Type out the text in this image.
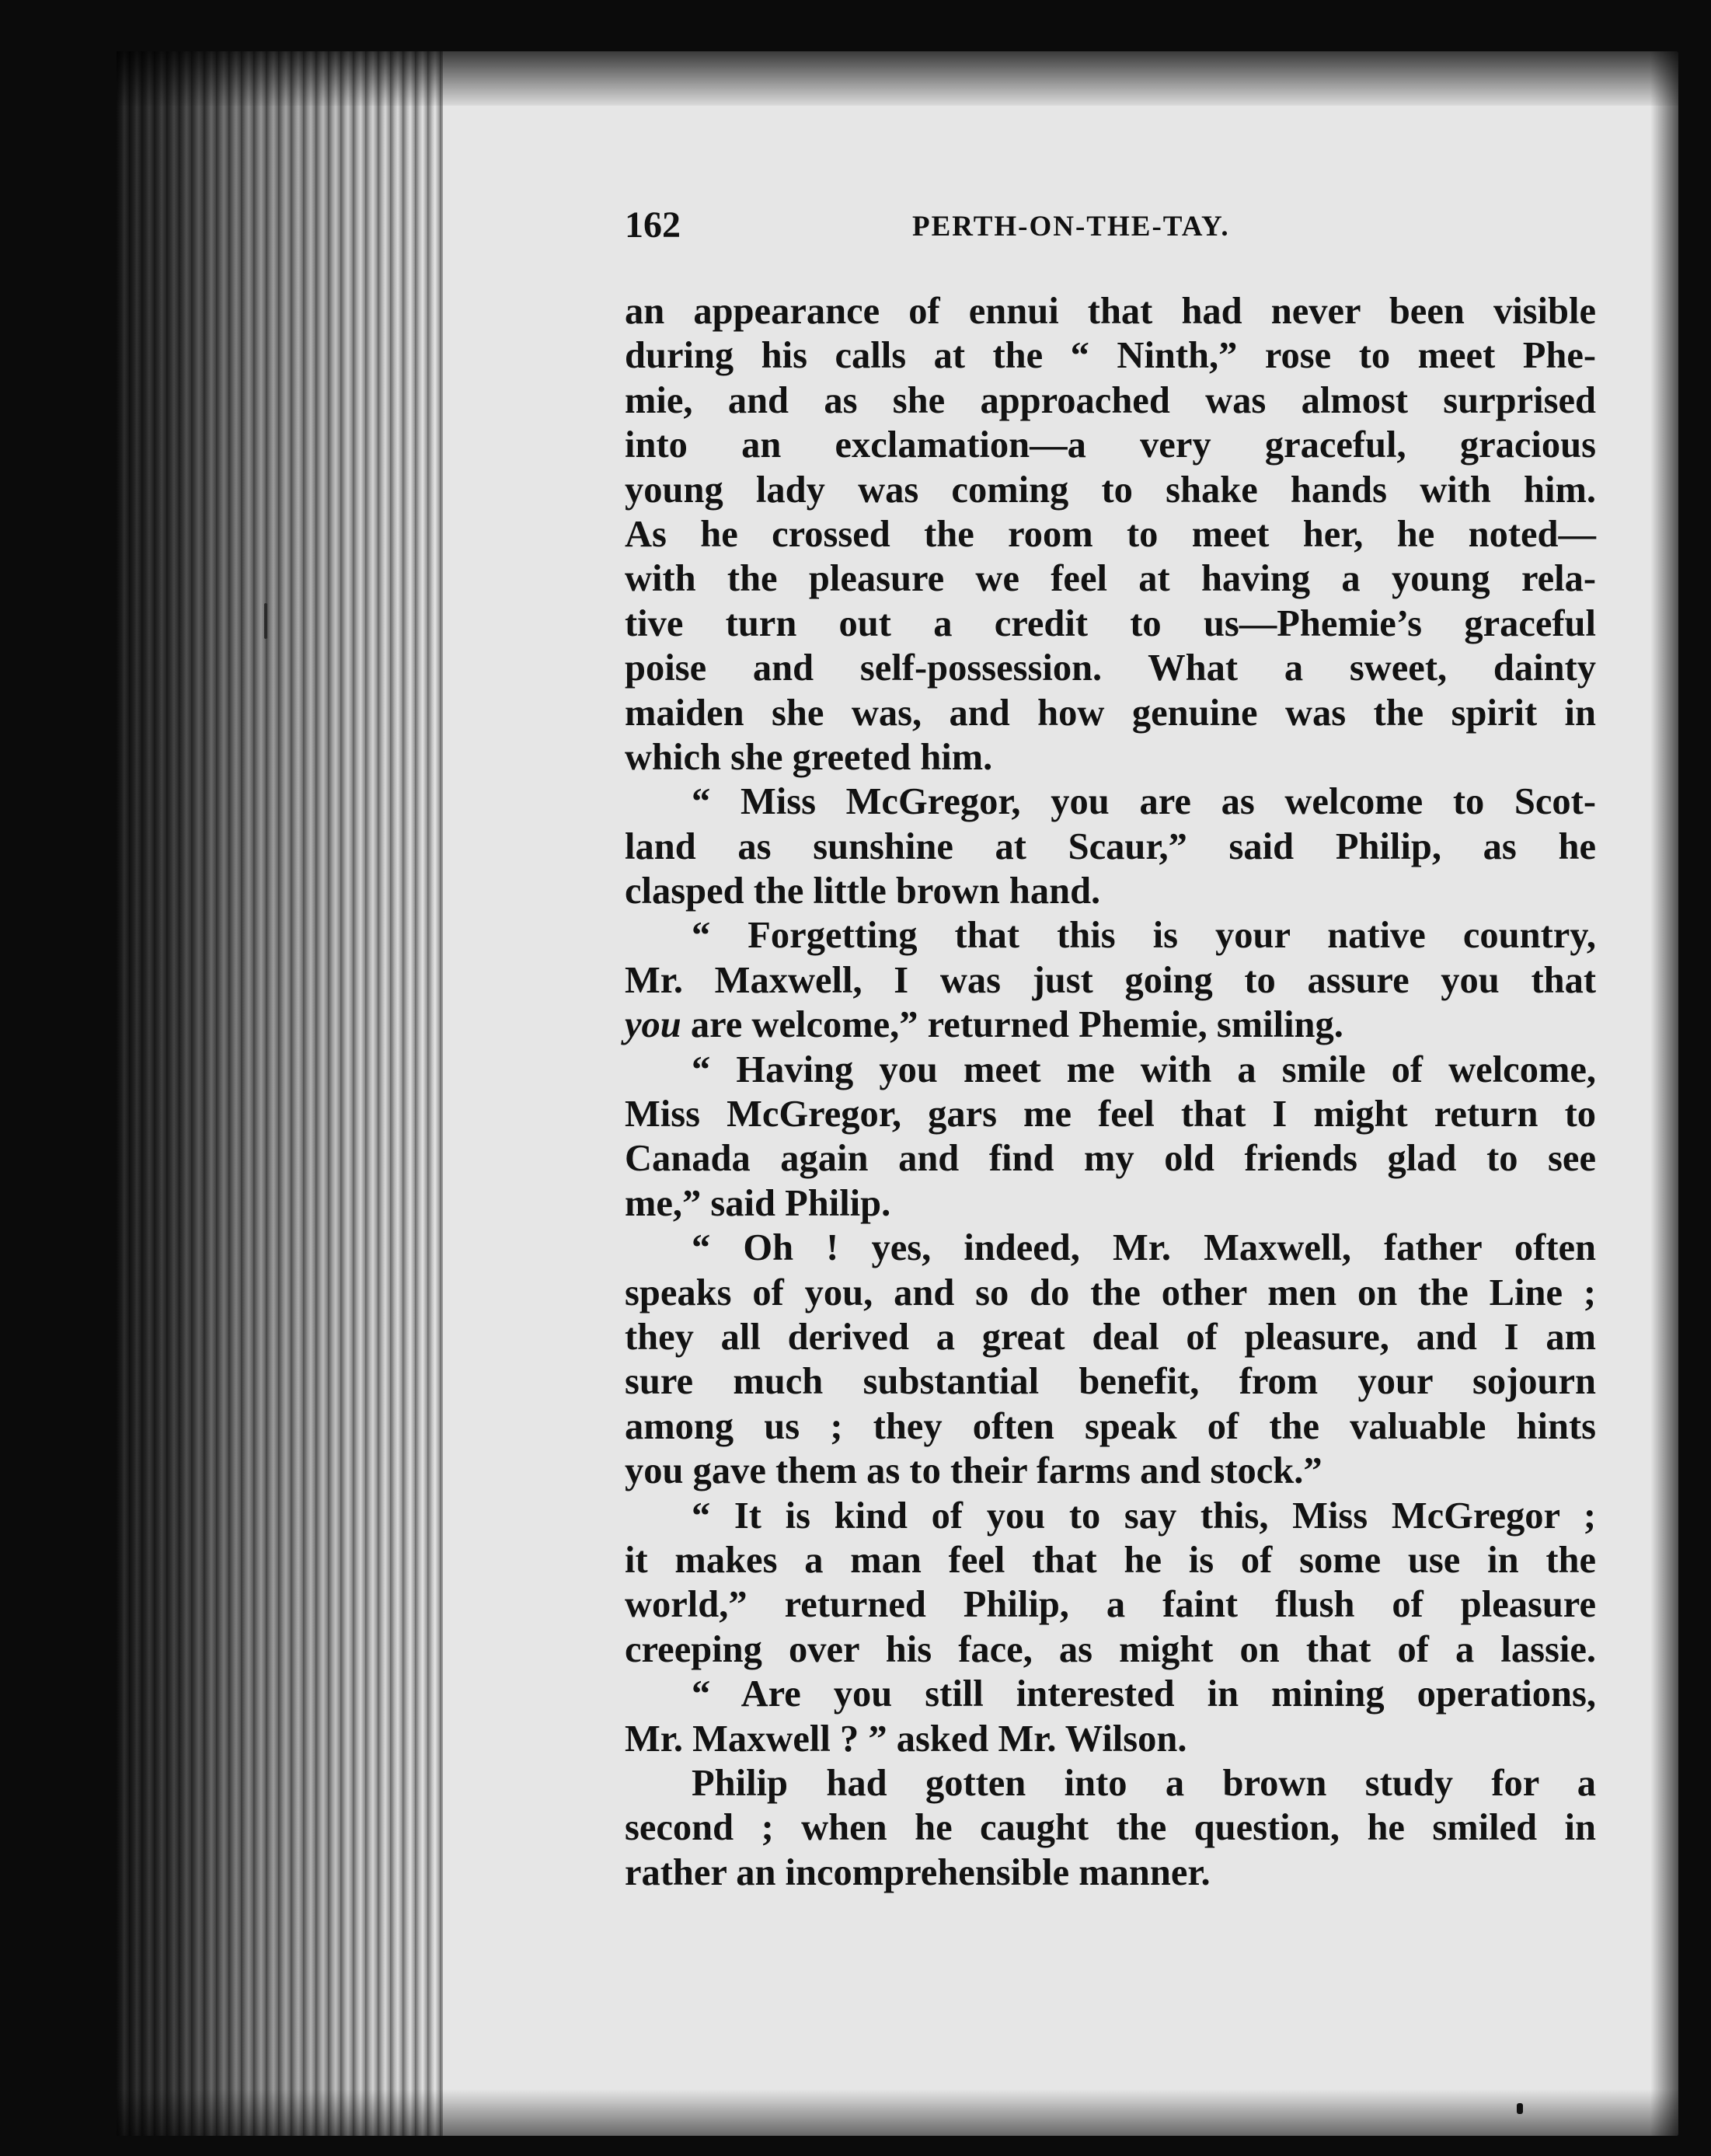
162	PERTH-ON-THE-TAY.
an appearance of ennui that had never been visible
during his calls at the “ Ninth,” rose to meet Phe-
mie, and as she approached was almost surprised
into an exclamation—a very graceful, gracious
young lady was coming to shake hands with him.
As he crossed the room to meet her, he noted—
with the pleasure we feel at having a young rela-
tive turn out a credit to us—Phemie’s graceful
poise and self-possession. What a sweet, dainty
maiden she was, and how genuine was the spirit in
which she greeted him.
“ Miss McGregor, you are as welcome to Scot-
land as sunshine at Scaur,” said Philip, as he
clasped the little brown hand.
“ Forgetting that this is your native country,
Mr. Maxwell, I was just going to assure you that
you are welcome,” returned Phemie, smiling.
“ Having you meet me with a smile of welcome,
Miss McGregor, gars me feel that I might return to
Canada again and find my old friends glad to see
me,” said Philip.
“ Oh ! yes, indeed, Mr. Maxwell, father often
speaks of you, and so do the other men on the Line ;
they all derived a great deal of pleasure, and I am
sure much substantial benefit, from your sojourn
among us ; they often speak of the valuable hints
you gave them as to their farms and stock.”
“ It is kind of you to say this, Miss McGregor ;
it makes a man feel that he is of some use in the
world,” returned Philip, a faint flush of pleasure
creeping over his face, as might on that of a lassie.
“ Are you still interested in mining operations,
Mr. Maxwell ? ” asked Mr. Wilson.
Philip had gotten into a brown study for a
second ; when he caught the question, he smiled in
rather an incomprehensible manner.
